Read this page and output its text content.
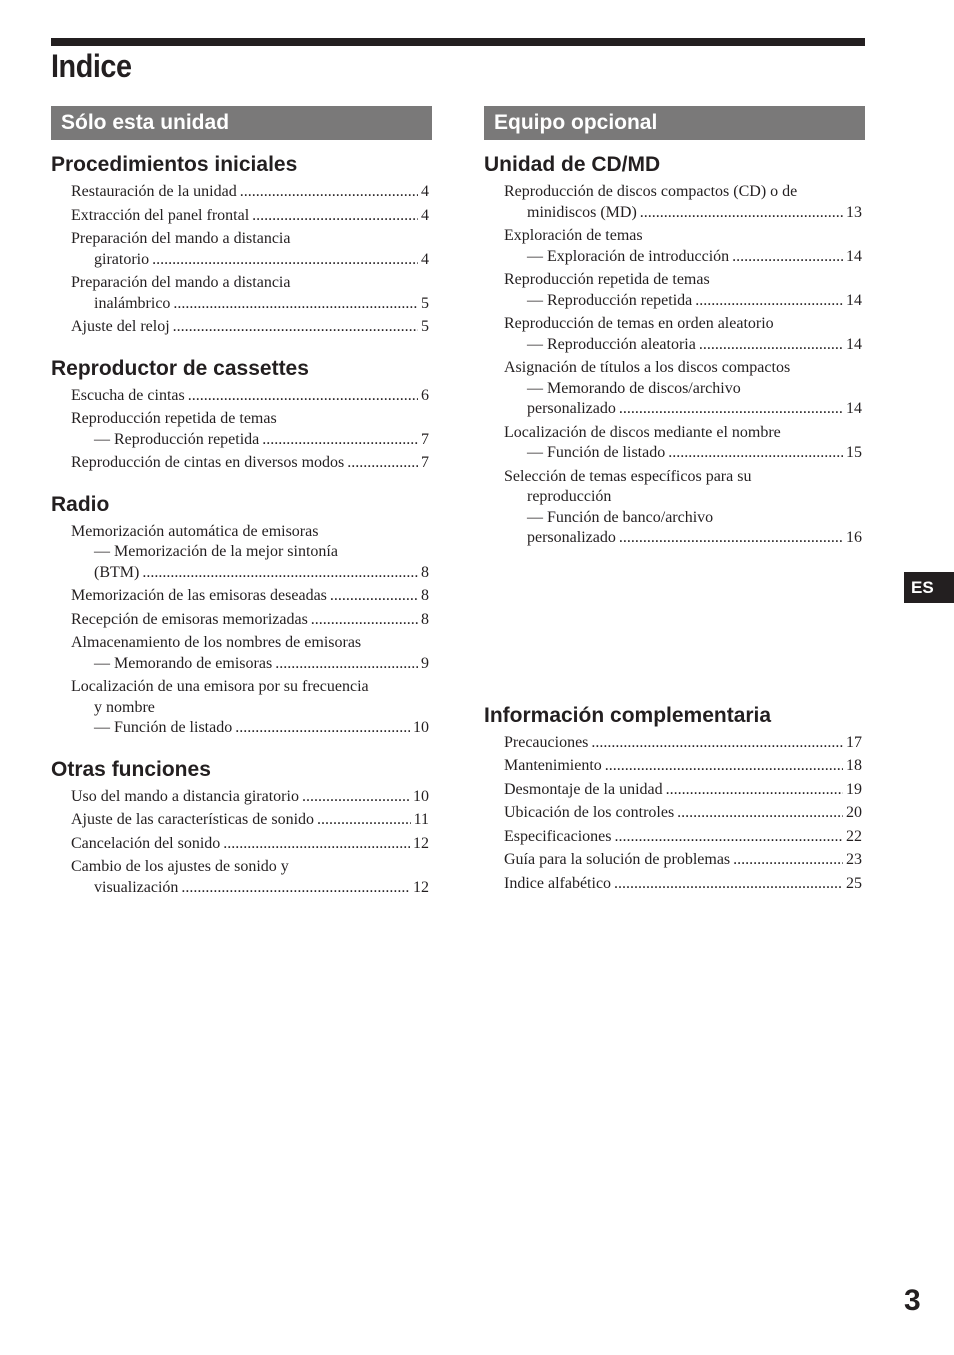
Indice
Sólo esta unidad
Procedimientos iniciales
Restauración de la unidad .....	4
Extracción del panel frontal .....	4
Preparación del mando a distancia
giratorio .....	4
Preparación del mando a distancia
inalámbrico .....	5
Ajuste del reloj .....	5
Reproductor de cassettes
Escucha de cintas .....	6
Reproducción repetida de temas
— Reproducción repetida .....	7
Reproducción de cintas en diversos modos .....	7
Radio
Memorización automática de emisoras
— Memorización de la mejor sintonía
(BTM) .....	8
Memorización de las emisoras deseadas .....	8
Recepción de emisoras memorizadas .....	8
Almacenamiento de los nombres de emisoras
— Memorando de emisoras .....	9
Localización de una emisora por su frecuencia
y nombre
— Función de listado .....	10
Otras funciones
Uso del mando a distancia giratorio .....	10
Ajuste de las características de sonido .....	11
Cancelación del sonido .....	12
Cambio de los ajustes de sonido y
visualización .....	12
Equipo opcional
Unidad de CD/MD
Reproducción de discos compactos (CD) o de
minidiscos (MD) .....	13
Exploración de temas
— Exploración de introducción .....	14
Reproducción repetida de temas
— Reproducción repetida .....	14
Reproducción de temas en orden aleatorio
— Reproducción aleatoria .....	14
Asignación de títulos a los discos compactos
— Memorando de discos/archivo
personalizado .....	14
Localización de discos mediante el nombre
— Función de listado .....	15
Selección de temas específicos para su
reproducción
— Función de banco/archivo
personalizado .....	16
Información complementaria
Precauciones .....	17
Mantenimiento .....	18
Desmontaje de la unidad .....	19
Ubicación de los controles .....	20
Especificaciones .....	22
Guía para la solución de problemas .....	23
Indice alfabético .....	25
ES
3
